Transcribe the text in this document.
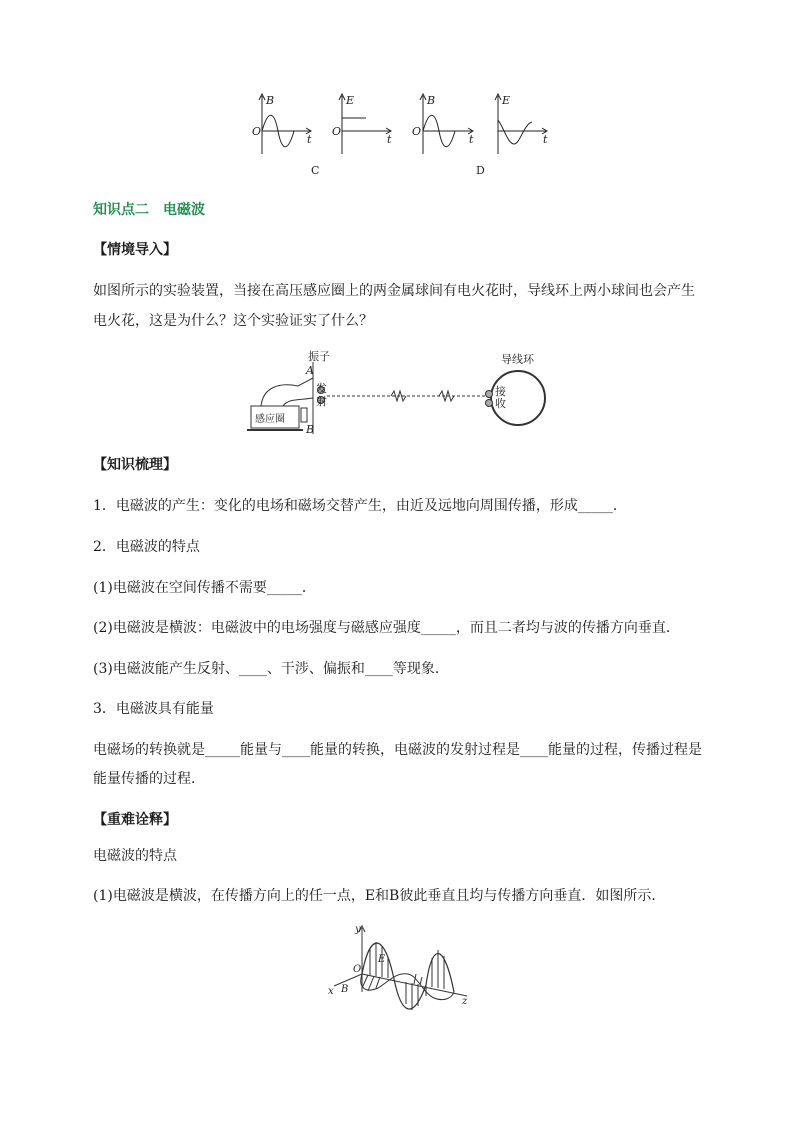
B
O
t
E
O
t
B
O
t
E
t
C	D
知识点二　电磁波
【情境导入】
如图所示的实验装置，当接在高压感应圈上的两金属球间有电火花时，导线环上两小球间也会产生
电火花，这是为什么？这个实验证实了什么？
振子
A
B
发
射
感应圈
导线环
接
收
【知识梳理】
1．电磁波的产生：变化的电场和磁场交替产生，由近及远地向周围传播，形成_____．
2．电磁波的特点
(1)电磁波在空间传播不需要_____．
(2)电磁波是横波：电磁波中的电场强度与磁感应强度_____，而且二者均与波的传播方向垂直．
(3)电磁波能产生反射、____、干涉、偏振和____等现象．
3．电磁波具有能量
电磁场的转换就是_____能量与____能量的转换，电磁波的发射过程是____能量的过程，传播过程是
能量传播的过程．
【重难诠释】
电磁波的特点
(1)电磁波是横波，在传播方向上的任一点，E和B彼此垂直且均与传播方向垂直．如图所示．
y
x
z
O
E
B
